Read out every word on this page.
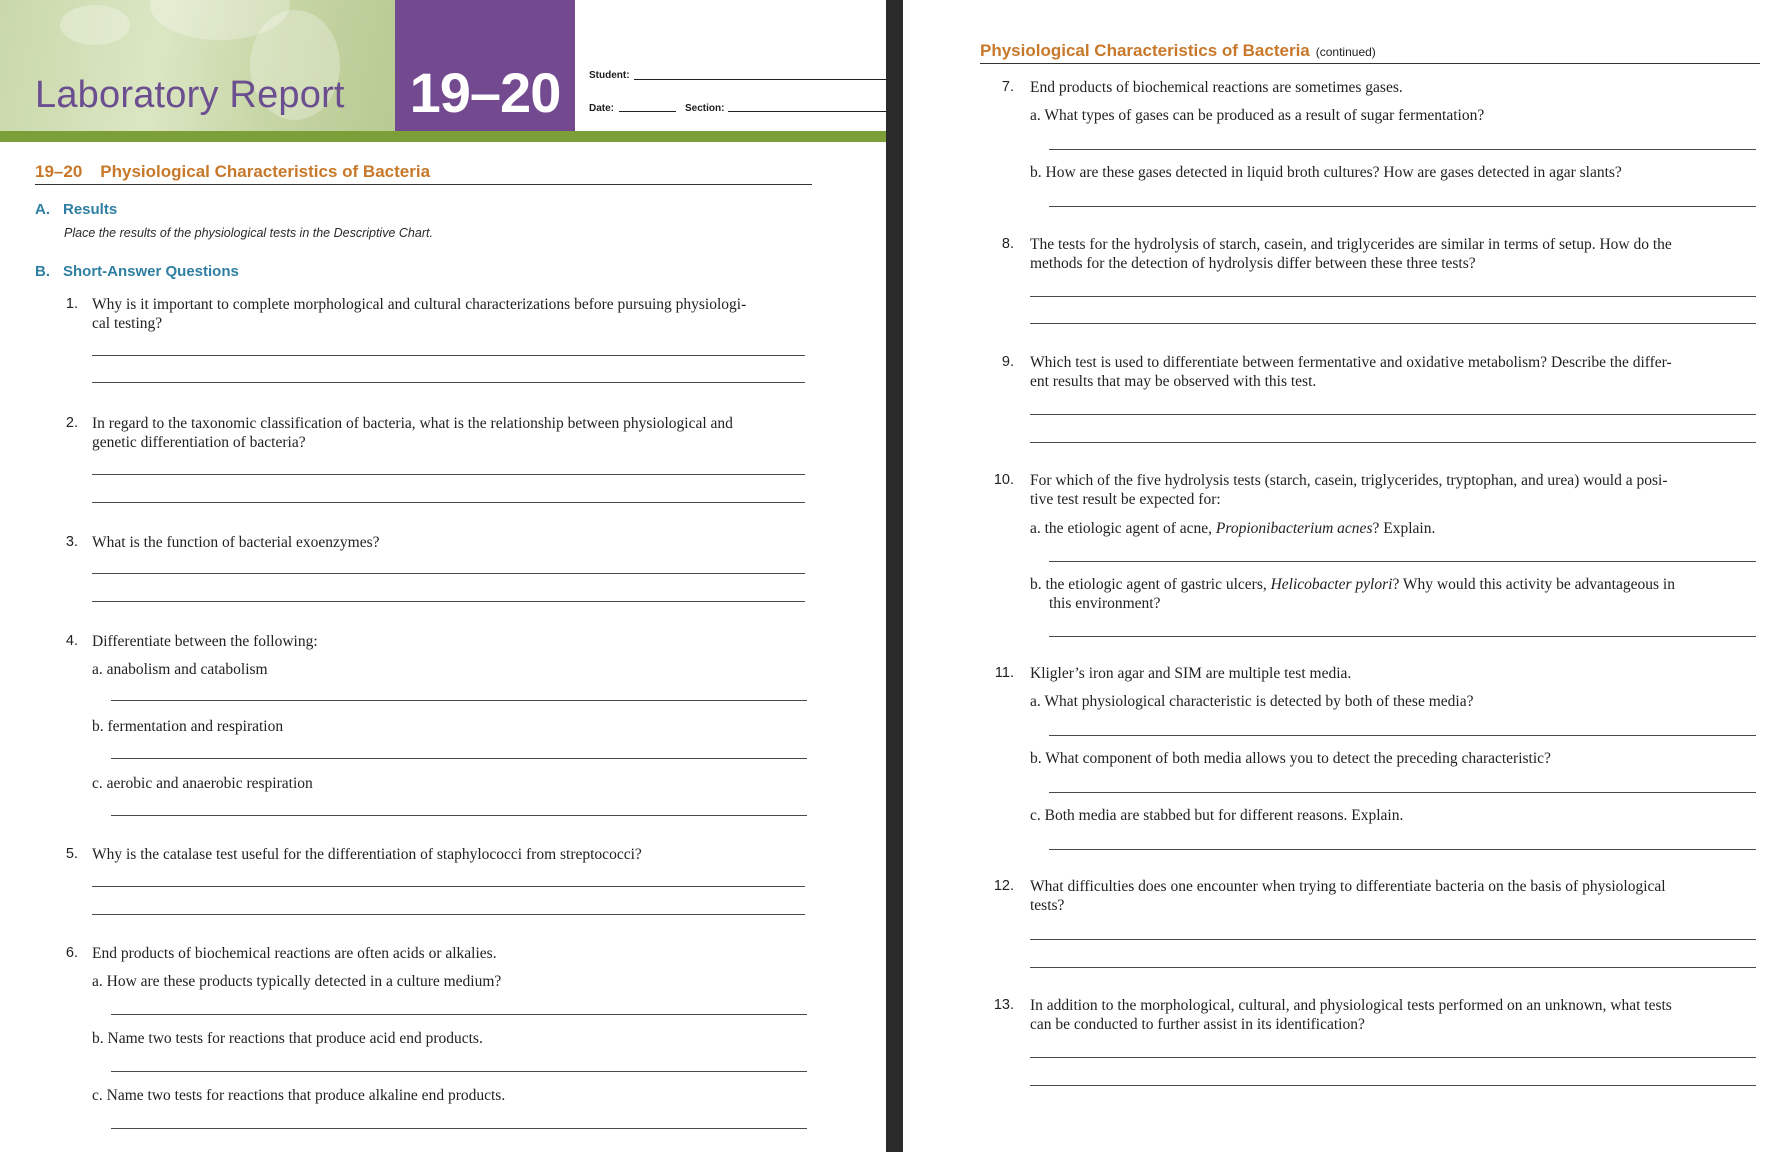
Laboratory Report 19–20	Student:
Date:	Section:
19–20 Physiological Characteristics of Bacteria
A. Results
Place the results of the physiological tests in the Descriptive Chart.
B. Short-Answer Questions
1. Why is it important to complete morphological and cultural characterizations before pursuing physiologi-
cal testing?
2. In regard to the taxonomic classification of bacteria, what is the relationship between physiological and
genetic differentiation of bacteria?
3. What is the function of bacterial exoenzymes?
4. Differentiate between the following:
a. anabolism and catabolism
b. fermentation and respiration
c. aerobic and anaerobic respiration
5. Why is the catalase test useful for the differentiation of staphylococci from streptococci?
6. End products of biochemical reactions are often acids or alkalies.
a. How are these products typically detected in a culture medium?
b. Name two tests for reactions that produce acid end products.
c. Name two tests for reactions that produce alkaline end products.
Physiological Characteristics of Bacteria (continued)
7. End products of biochemical reactions are sometimes gases.
a. What types of gases can be produced as a result of sugar fermentation?
b. How are these gases detected in liquid broth cultures? How are gases detected in agar slants?
8. The tests for the hydrolysis of starch, casein, and triglycerides are similar in terms of setup. How do the
methods for the detection of hydrolysis differ between these three tests?
9. Which test is used to differentiate between fermentative and oxidative metabolism? Describe the differ-
ent results that may be observed with this test.
10. For which of the five hydrolysis tests (starch, casein, triglycerides, tryptophan, and urea) would a posi-
tive test result be expected for:
a. the etiologic agent of acne, Propionibacterium acnes? Explain.
b. the etiologic agent of gastric ulcers, Helicobacter pylori? Why would this activity be advantageous in
this environment?
11. Kligler’s iron agar and SIM are multiple test media.
a. What physiological characteristic is detected by both of these media?
b. What component of both media allows you to detect the preceding characteristic?
c. Both media are stabbed but for different reasons. Explain.
12. What difficulties does one encounter when trying to differentiate bacteria on the basis of physiological
tests?
13. In addition to the morphological, cultural, and physiological tests performed on an unknown, what tests
can be conducted to further assist in its identification?
